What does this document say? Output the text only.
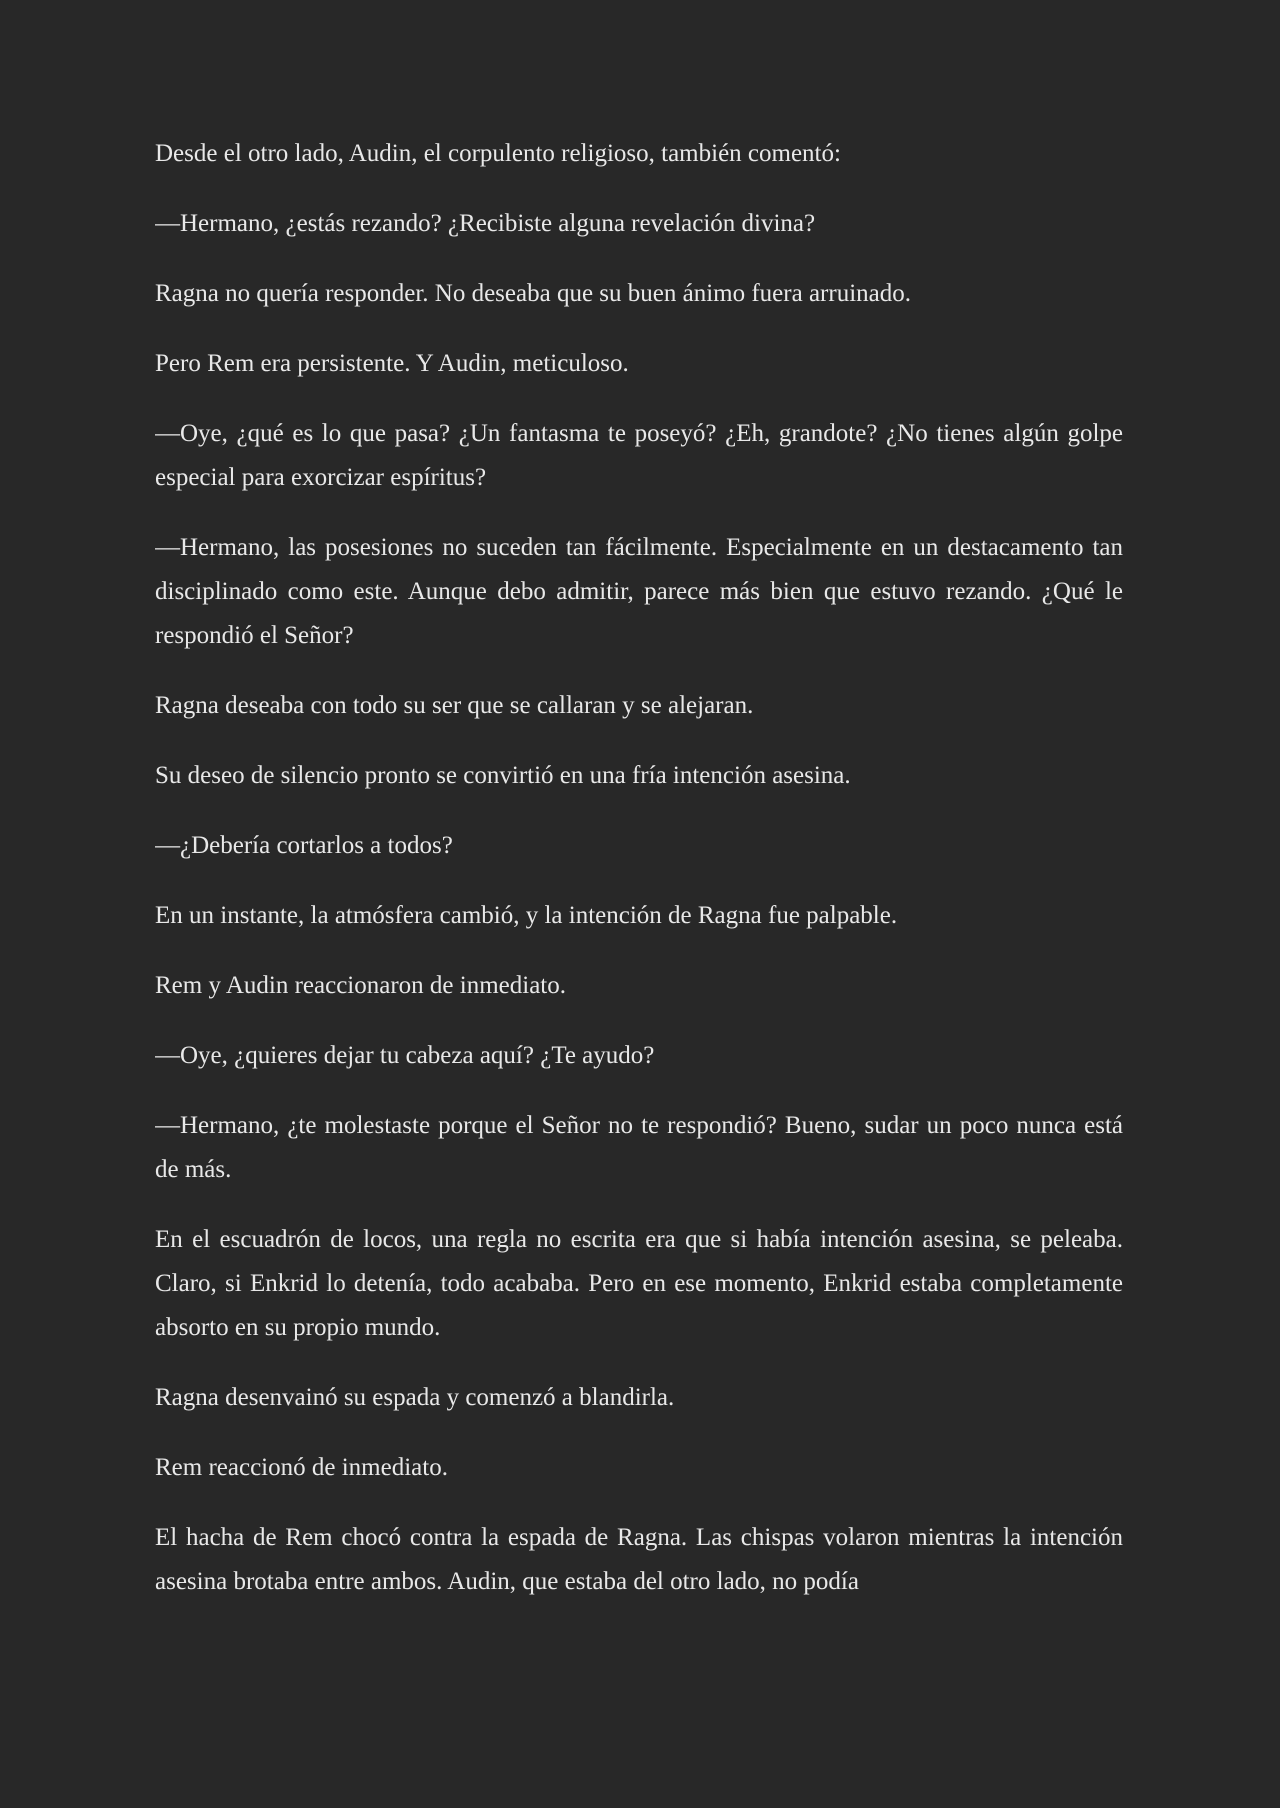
Desde el otro lado, Audin, el corpulento religioso, también comentó:

—Hermano, ¿estás rezando? ¿Recibiste alguna revelación divina?

Ragna no quería responder. No deseaba que su buen ánimo fuera arruinado.

Pero Rem era persistente. Y Audin, meticuloso.

—Oye, ¿qué es lo que pasa? ¿Un fantasma te poseyó? ¿Eh, grandote? ¿No tienes algún golpe especial para exorcizar espíritus?

—Hermano, las posesiones no suceden tan fácilmente. Especialmente en un destacamento tan disciplinado como este. Aunque debo admitir, parece más bien que estuvo rezando. ¿Qué le respondió el Señor?

Ragna deseaba con todo su ser que se callaran y se alejaran.

Su deseo de silencio pronto se convirtió en una fría intención asesina.

—¿Debería cortarlos a todos?

En un instante, la atmósfera cambió, y la intención de Ragna fue palpable.

Rem y Audin reaccionaron de inmediato.

—Oye, ¿quieres dejar tu cabeza aquí? ¿Te ayudo?

—Hermano, ¿te molestaste porque el Señor no te respondió? Bueno, sudar un poco nunca está de más.

En el escuadrón de locos, una regla no escrita era que si había intención asesina, se peleaba. Claro, si Enkrid lo detenía, todo acababa. Pero en ese momento, Enkrid estaba completamente absorto en su propio mundo.

Ragna desenvainó su espada y comenzó a blandirla.

Rem reaccionó de inmediato.

El hacha de Rem chocó contra la espada de Ragna. Las chispas volaron mientras la intención asesina brotaba entre ambos. Audin, que estaba del otro lado, no podía
